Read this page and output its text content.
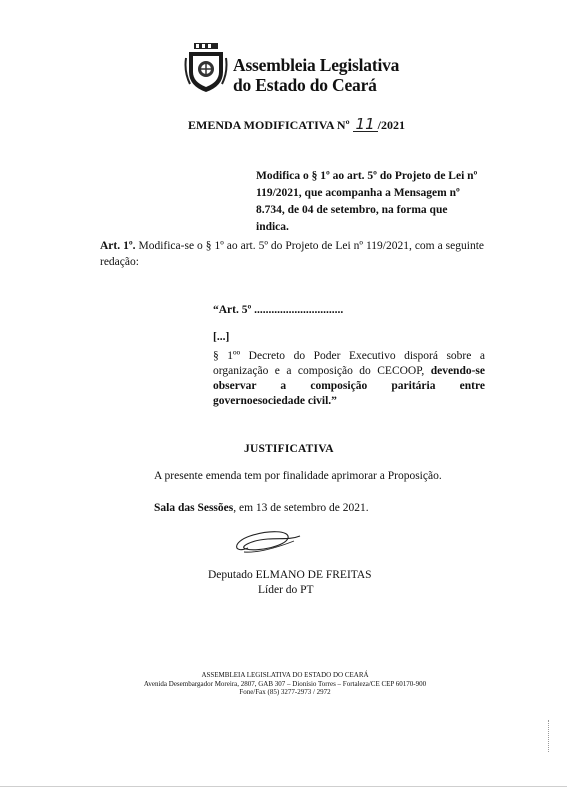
Assembleia Legislativa
do Estado do Ceará
EMENDA MODIFICATIVA Nº 11 /2021
Modifica o § 1º ao art. 5º do Projeto de Lei nº 119/2021, que acompanha a Mensagem nº 8.734, de 04 de setembro, na forma que indica.
Art. 1º. Modifica-se o § 1º ao art. 5º do Projeto de Lei nº 119/2021, com a seguinte redação:
“Art. 5º ...............................
[...]
§ 1ºº Decreto do Poder Executivo disporá sobre a organização e a composição do CECOOP, devendo-se observar a composição paritária entre governoesociedade civil.”
JUSTIFICATIVA
A presente emenda tem por finalidade aprimorar a Proposição.
Sala das Sessões, em 13 de setembro de 2021.
Deputado ELMANO DE FREITAS
Líder do PT
ASSEMBLEIA LEGISLATIVA DO ESTADO DO CEARÁ
Avenida Desembargador Moreira, 2807, GAB 307 – Dionísio Torres – Fortaleza/CE CEP 60170-900
Fone/Fax (85) 3277-2973 / 2972
